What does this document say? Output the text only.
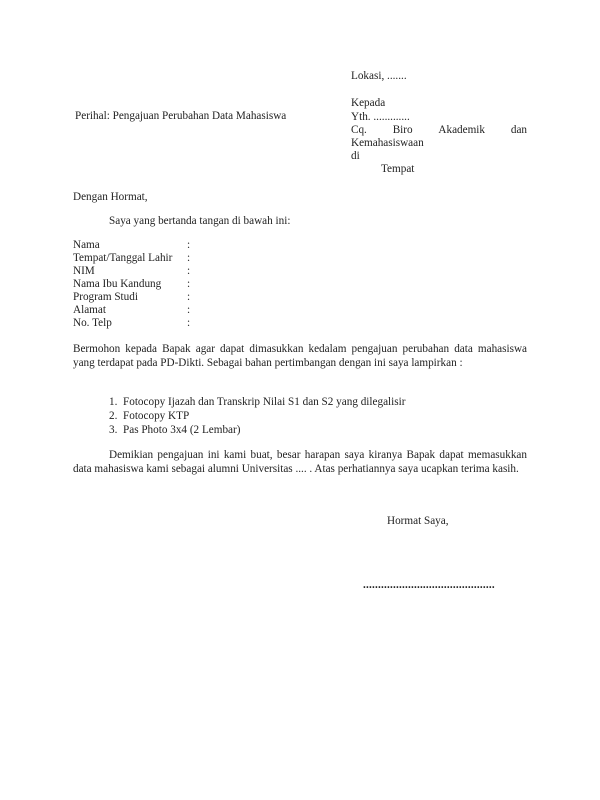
Lokasi, .......
Kepada
Perihal: Pengajuan Perubahan Data Mahasiswa	Yth. .............
Cq. Biro Akademik dan
Kemahasiswaan
di
Tempat
Dengan Hormat,
Saya yang bertanda tangan di bawah ini:
Nama	:
Tempat/Tanggal Lahir :
NIM	:
Nama Ibu Kandung :
Program Studi	:
Alamat	:
No. Telp	:
Bermohon kepada Bapak agar dapat dimasukkan kedalam pengajuan perubahan data mahasiswa yang terdapat pada PD-Dikti. Sebagai bahan pertimbangan dengan ini saya lampirkan :
1. Fotocopy Ijazah dan Transkrip Nilai S1 dan S2 yang dilegalisir
2. Fotocopy KTP
3. Pas Photo 3x4 (2 Lembar)
Demikian pengajuan ini kami buat, besar harapan saya kiranya Bapak dapat memasukkan data mahasiswa kami sebagai alumni Universitas .... . Atas perhatiannya saya ucapkan terima kasih.
Hormat Saya,
............................................
